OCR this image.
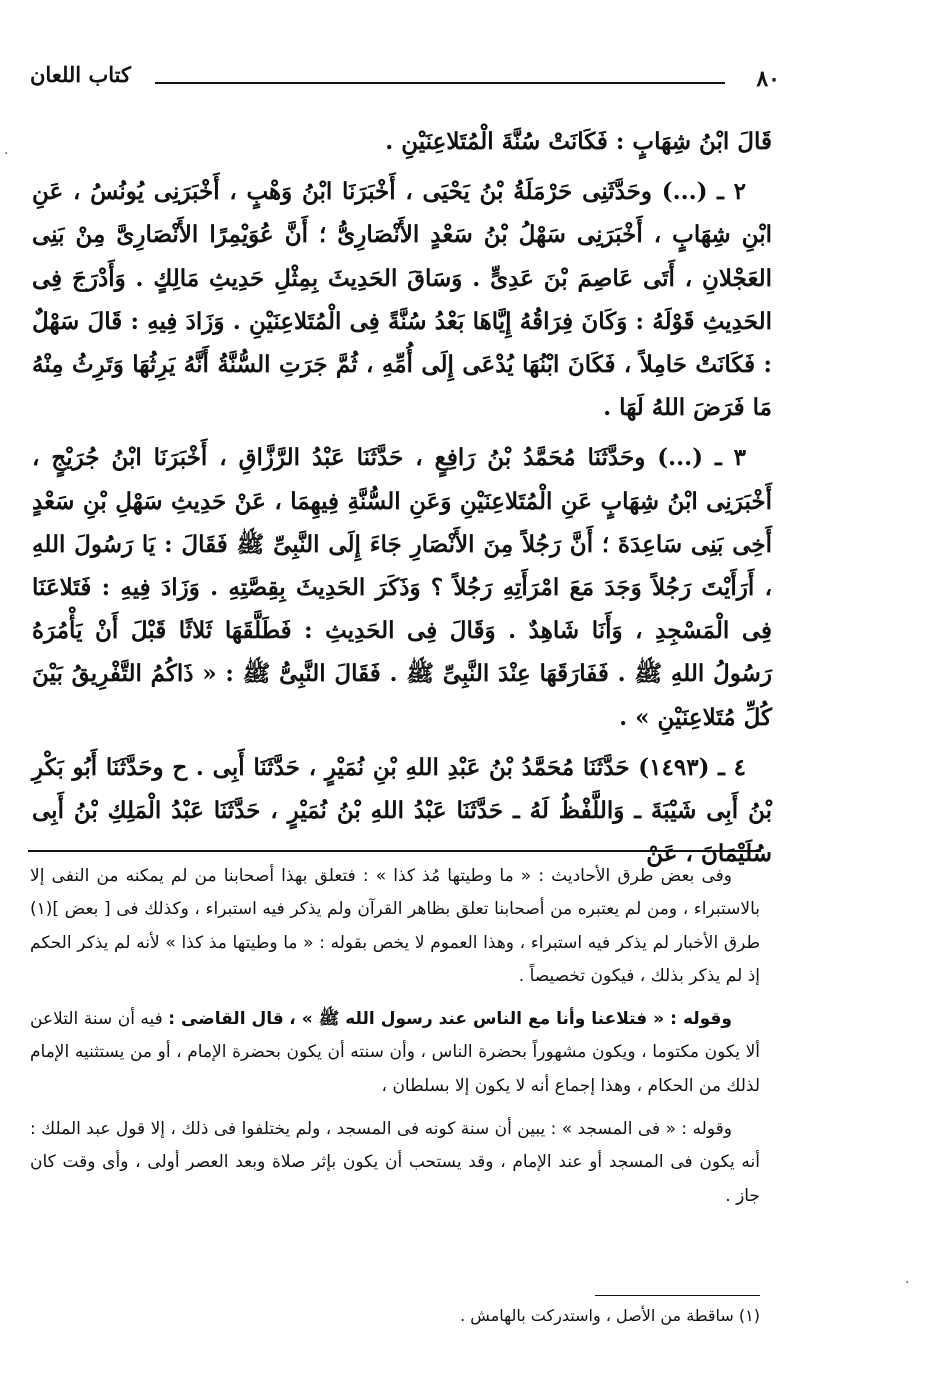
٨٠
كتاب اللعان

قَالَ ابْنُ شِهَابٍ : فَكَانَتْ سُنَّةَ الْمُتَلاعِنَيْنِ .

٢ ـ (...) وحَدَّثَنِى حَرْمَلَةُ بْنُ يَحْيَى ، أَخْبَرَنَا ابْنُ وَهْبٍ ، أَخْبَرَنِى يُونُسُ ، عَنِ ابْنِ شِهَابٍ ، أَخْبَرَنِى سَهْلُ بْنُ سَعْدٍ الأَنْصَارِىُّ ؛ أَنَّ عُوَيْمِرًا الأَنْصَارِىَّ مِنْ بَنِى العَجْلانِ ، أَتَى عَاصِمَ بْنَ عَدِىٍّ . وَسَاقَ الحَدِيثَ بِمِثْلِ حَدِيثِ مَالِكٍ . وَأَدْرَجَ فِى الحَدِيثِ قَوْلَهُ : وَكَانَ فِرَاقُهُ إِيَّاهَا بَعْدُ سُنَّةً فِى الْمُتَلاعِنَيْنِ . وَزَادَ فِيهِ : قَالَ سَهْلٌ : فَكَانَتْ حَامِلاً ، فَكَانَ ابْنُهَا يُدْعَى إِلَى أُمِّهِ ، ثُمَّ جَرَتِ السُّنَّةُ أَنَّهُ يَرِثُهَا وَتَرِثُ مِنْهُ مَا فَرَضَ اللهُ لَهَا .

٣ ـ (...) وحَدَّثَنَا مُحَمَّدُ بْنُ رَافِعٍ ، حَدَّثَنَا عَبْدُ الرَّزَّاقِ ، أَخْبَرَنَا ابْنُ جُرَيْجٍ ، أَخْبَرَنِى ابْنُ شِهَابٍ عَنِ الْمُتَلاعِنَيْنِ وَعَنِ السُّنَّةِ فِيهِمَا ، عَنْ حَدِيثِ سَهْلِ بْنِ سَعْدٍ أَخِى بَنِى سَاعِدَةَ ؛ أَنَّ رَجُلاً مِنَ الأَنْصَارِ جَاءَ إِلَى النَّبِىِّ ﷺ فَقَالَ : يَا رَسُولَ اللهِ ، أَرَأَيْتَ رَجُلاً وَجَدَ مَعَ امْرَأَتِهِ رَجُلاً ؟ وَذَكَرَ الحَدِيثَ بِقِصَّتِهِ . وَزَادَ فِيهِ : فَتَلاعَنَا فِى الْمَسْجِدِ ، وَأَنَا شَاهِدٌ . وَقَالَ فِى الحَدِيثِ : فَطَلَّقَهَا ثَلاثًا قَبْلَ أَنْ يَأْمُرَهُ رَسُولُ اللهِ ﷺ . فَفَارَقَهَا عِنْدَ النَّبِىِّ ﷺ . فَقَالَ النَّبِىُّ ﷺ : « ذَاكُمُ التَّفْرِيقُ بَيْنَ كُلِّ مُتَلاعِنَيْنِ » .

٤ ـ (١٤٩٣) حَدَّثَنَا مُحَمَّدُ بْنُ عَبْدِ اللهِ بْنِ نُمَيْرٍ ، حَدَّثَنَا أَبِى . ح وحَدَّثَنَا أَبُو بَكْرِ بْنُ أَبِى شَيْبَةَ ـ وَاللَّفْظُ لَهُ ـ حَدَّثَنَا عَبْدُ اللهِ بْنُ نُمَيْرٍ ، حَدَّثَنَا عَبْدُ الْمَلِكِ بْنُ أَبِى سُلَيْمَانَ ، عَنْ

وفى بعض طرق الأحاديث : « ما وطيتها مُذ كذا » : فتعلق بهذا أصحابنا من لم يمكنه من النفى إلا بالاستبراء ، ومن لم يعتبره من أصحابنا تعلق بظاهر القرآن ولم يذكر فيه استبراء ، وكذلك فى [ بعض ](١) طرق الأخبار لم يذكر فيه استبراء ، وهذا العموم لا يخص بقوله : « ما وطيتها مذ كذا » لأنه لم يذكر الحكم إذ لم يذكر بذلك ، فيكون تخصيصاً .

وقوله : « فتلاعنا وأنا مع الناس عند رسول الله ﷺ » ، قال القاضى : فيه أن سنة التلاعن ألا يكون مكتوما ، ويكون مشهوراً بحضرة الناس ، وأن سنته أن يكون بحضرة الإمام ، أو من يستثنيه الإمام لذلك من الحكام ، وهذا إجماع أنه لا يكون إلا بسلطان ،

وقوله : « فى المسجد » : يبين أن سنة كونه فى المسجد ، ولم يختلفوا فى ذلك ، إلا قول عبد الملك : أنه يكون فى المسجد أو عند الإمام ، وقد يستحب أن يكون بإثر صلاة وبعد العصر أولى ، وأى وقت كان جاز .

(١) ساقطة من الأصل ، واستدركت بالهامش .
·
·
